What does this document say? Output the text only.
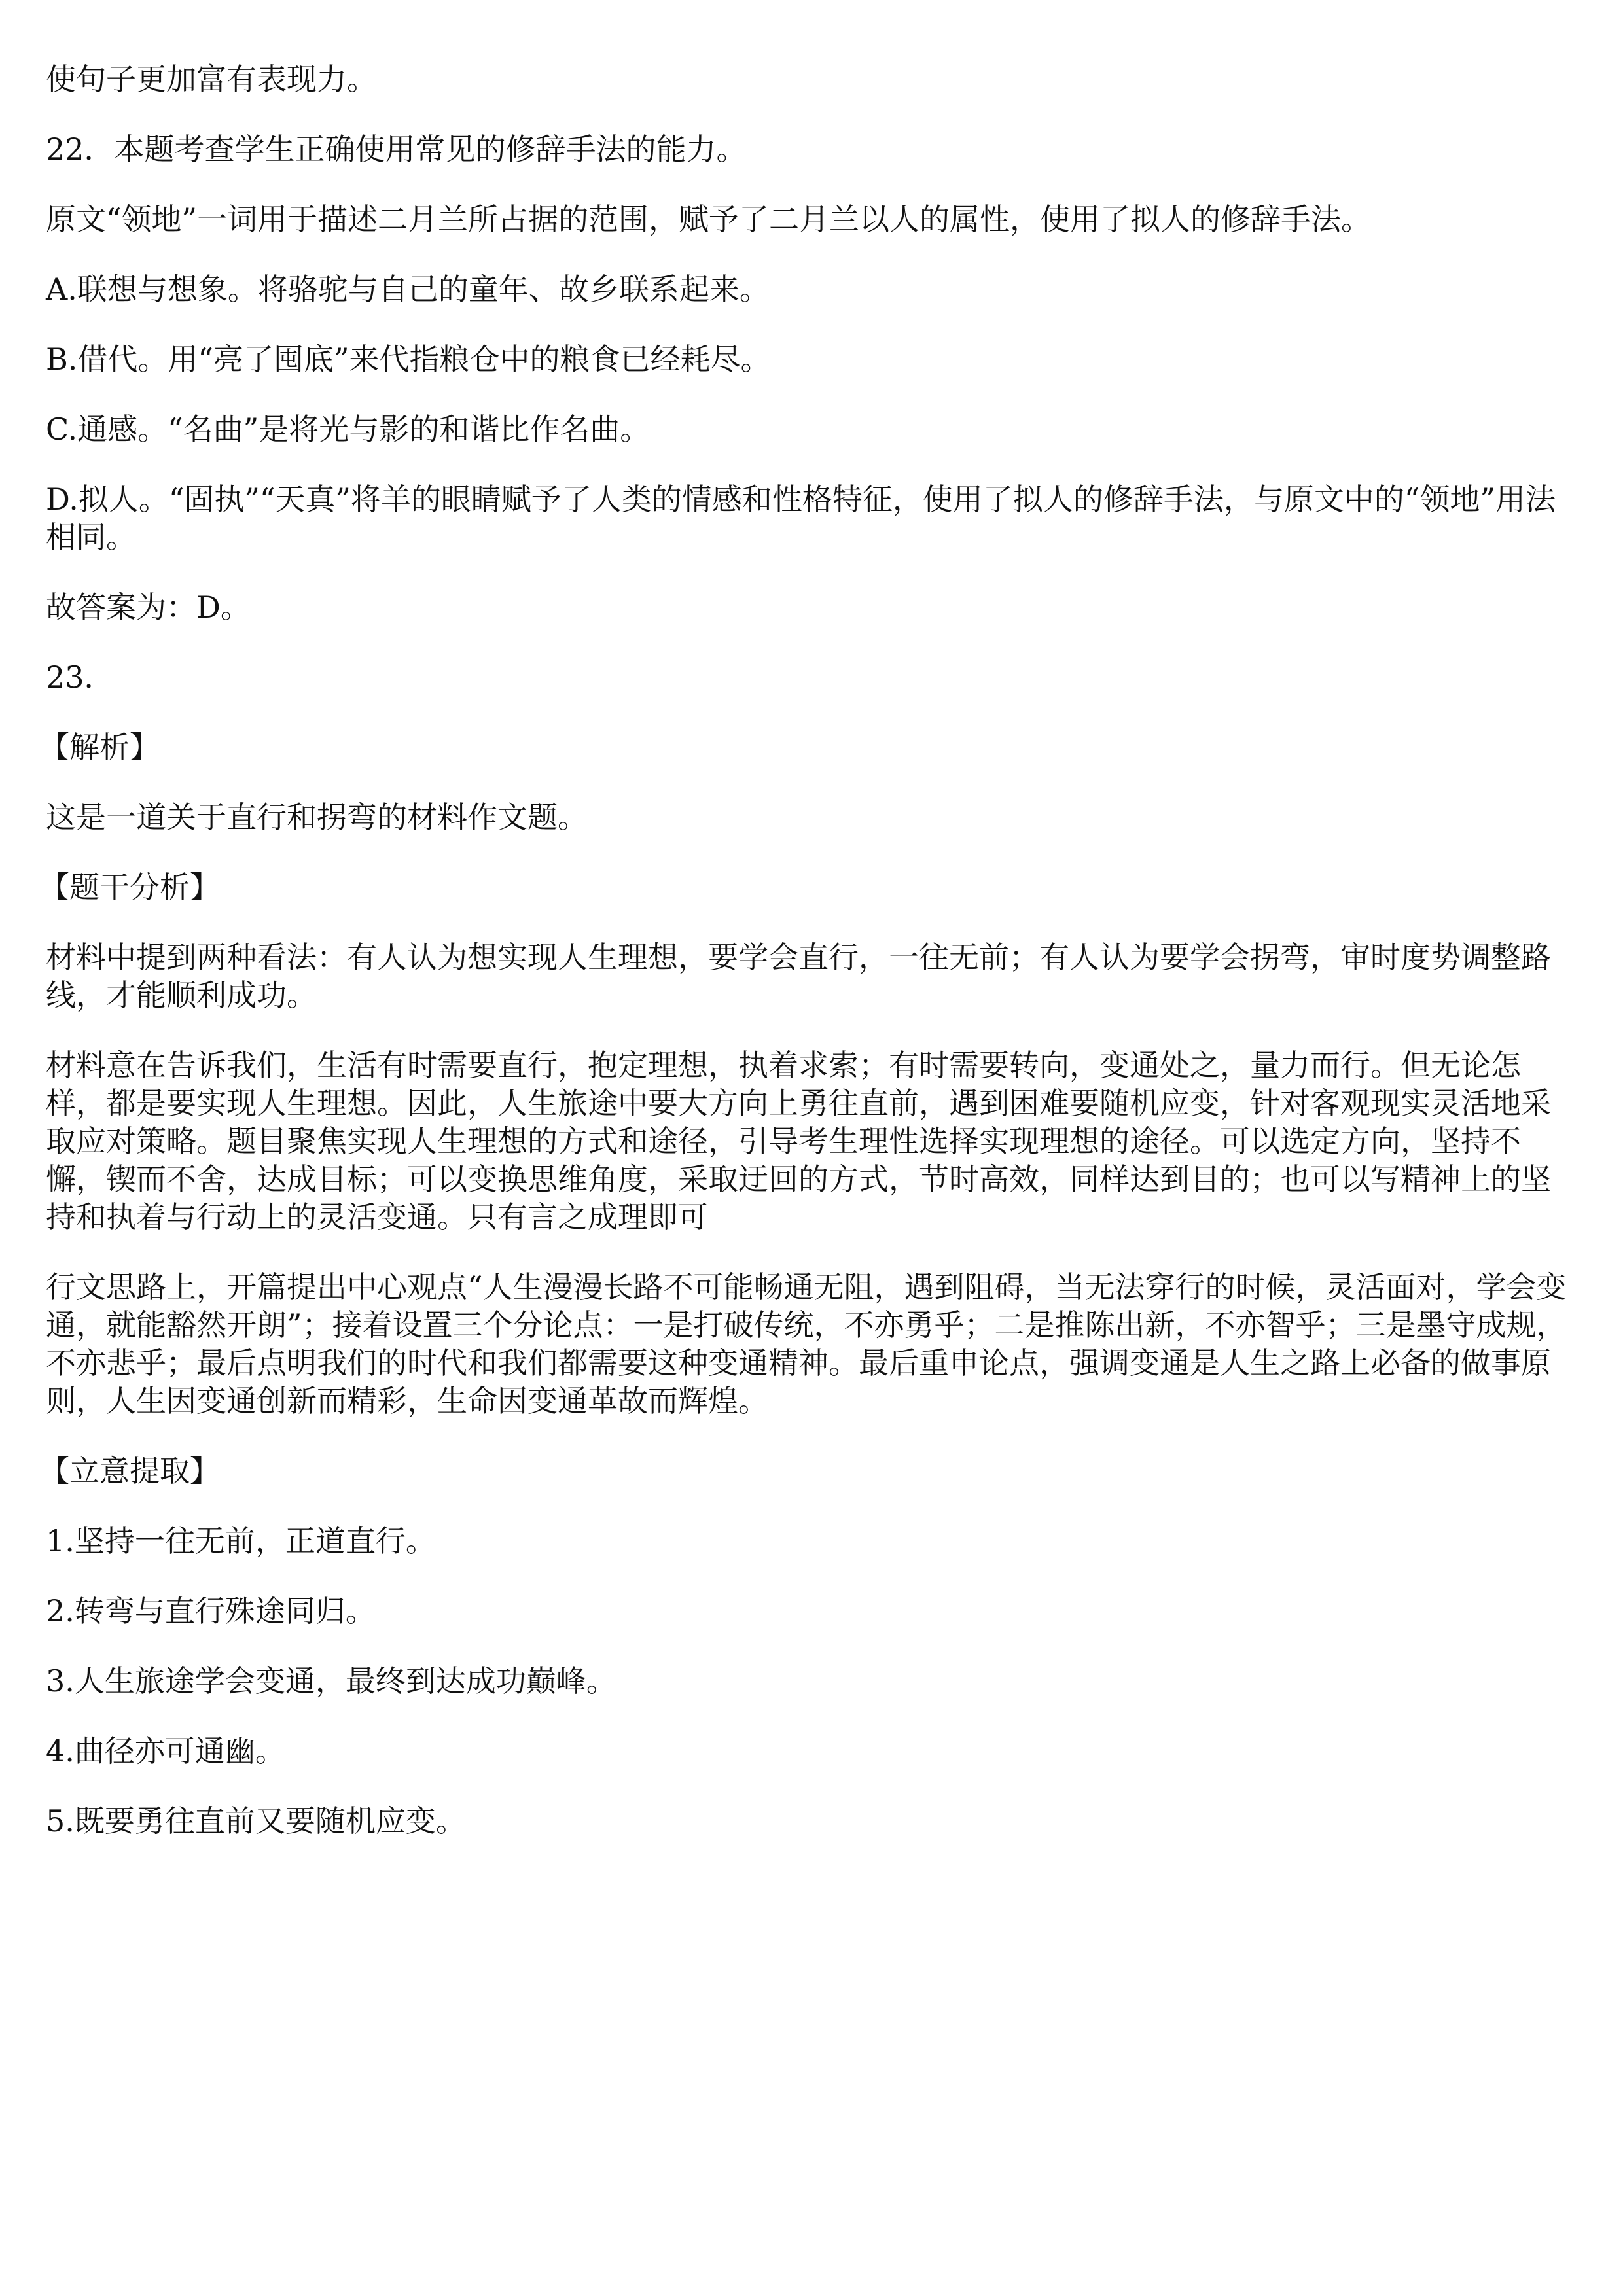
使句子更加富有表现力。

22．本题考查学生正确使用常见的修辞手法的能力。

原文“领地”一词用于描述二月兰所占据的范围，赋予了二月兰以人的属性，使用了拟人的修辞手法。

A.联想与想象。将骆驼与自己的童年、故乡联系起来。

B.借代。用“亮了囤底”来代指粮仓中的粮食已经耗尽。

C.通感。“名曲”是将光与影的和谐比作名曲。

D.拟人。“固执”“天真”将羊的眼睛赋予了人类的情感和性格特征，使用了拟人的修辞手法，与原文中的“领地”用法相同。

故答案为：D。

23．

【解析】

这是一道关于直行和拐弯的材料作文题。

【题干分析】

材料中提到两种看法：有人认为想实现人生理想，要学会直行，一往无前；有人认为要学会拐弯，审时度势调整路线，才能顺利成功。

材料意在告诉我们，生活有时需要直行，抱定理想，执着求索；有时需要转向，变通处之，量力而行。但无论怎样，都是要实现人生理想。因此，人生旅途中要大方向上勇往直前，遇到困难要随机应变，针对客观现实灵活地采取应对策略。题目聚焦实现人生理想的方式和途径，引导考生理性选择实现理想的途径。可以选定方向，坚持不懈，锲而不舍，达成目标；可以变换思维角度，采取迂回的方式，节时高效，同样达到目的；也可以写精神上的坚持和执着与行动上的灵活变通。只有言之成理即可

行文思路上，开篇提出中心观点“人生漫漫长路不可能畅通无阻，遇到阻碍，当无法穿行的时候，灵活面对，学会变通，就能豁然开朗”；接着设置三个分论点：一是打破传统，不亦勇乎；二是推陈出新，不亦智乎；三是墨守成规，不亦悲乎；最后点明我们的时代和我们都需要这种变通精神。最后重申论点，强调变通是人生之路上必备的做事原则，人生因变通创新而精彩，生命因变通革故而辉煌。

【立意提取】

1.坚持一往无前，正道直行。

2.转弯与直行殊途同归。

3.人生旅途学会变通，最终到达成功巅峰。

4.曲径亦可通幽。

5.既要勇往直前又要随机应变。
